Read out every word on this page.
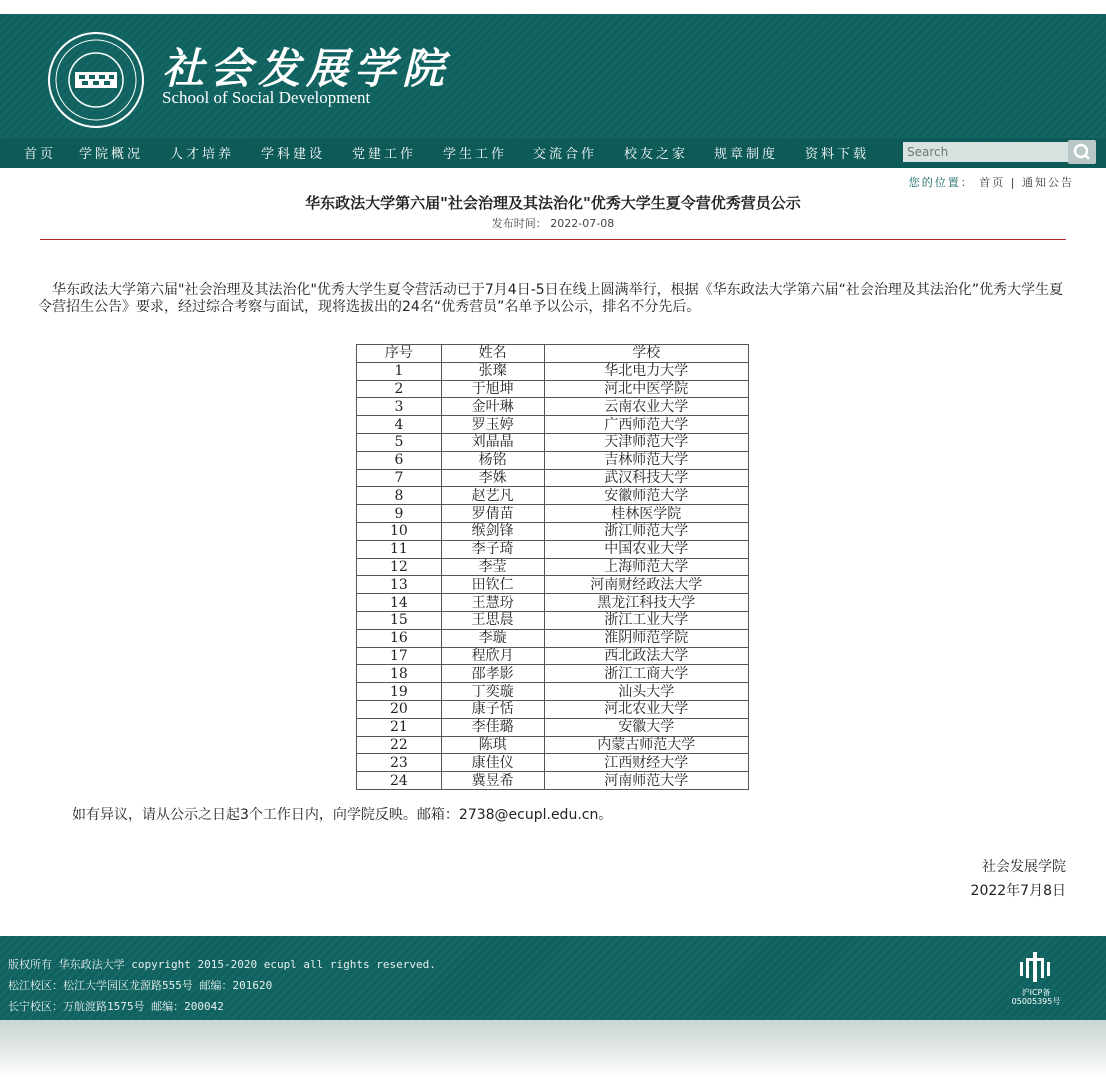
社会发展学院
School of Social Development
首页 学院概况 人才培养 学科建设 党建工作 学生工作 交流合作 校友之家 规章制度 资料下载
Search
您的位置： 首页 | 通知公告
华东政法大学第六届"社会治理及其法治化"优秀大学生夏令营优秀营员公示
发布时间： 2022-07-08

华东政法大学第六届"社会治理及其法治化"优秀大学生夏令营活动已于7月4日-5日在线上圆满举行，根据《华东政法大学第六届“社会治理及其法治化”优秀大学生夏令营招生公告》要求，经过综合考察与面试，现将选拔出的24名“优秀营员”名单予以公示，排名不分先后。

序号	姓名	学校
1	张璨	华北电力大学
2	于旭坤	河北中医学院
3	金叶琳	云南农业大学
4	罗玉婷	广西师范大学
5	刘晶晶	天津师范大学
6	杨铭	吉林师范大学
7	李姝	武汉科技大学
8	赵艺凡	安徽师范大学
9	罗倩苗	桂林医学院
10	缑剑锋	浙江师范大学
11	李子琦	中国农业大学
12	李莹	上海师范大学
13	田钦仁	河南财经政法大学
14	王慧玢	黑龙江科技大学
15	王思晨	浙江工业大学
16	李璇	淮阴师范学院
17	程欣月	西北政法大学
18	邵孝影	浙江工商大学
19	丁奕璇	汕头大学
20	康子恬	河北农业大学
21	李佳璐	安徽大学
22	陈琪	内蒙古师范大学
23	康佳仪	江西财经大学
24	冀昱希	河南师范大学
如有异议，请从公示之日起3个工作日内，向学院反映。邮箱：2738@ecupl.edu.cn。
社会发展学院
2022年7月8日
版权所有 华东政法大学 copyright 2015-2020 ecupl all rights reserved.
松江校区：松江大学园区龙源路555号 邮编：201620
长宁校区：万航渡路1575号 邮编：200042
沪ICP备05005395号
